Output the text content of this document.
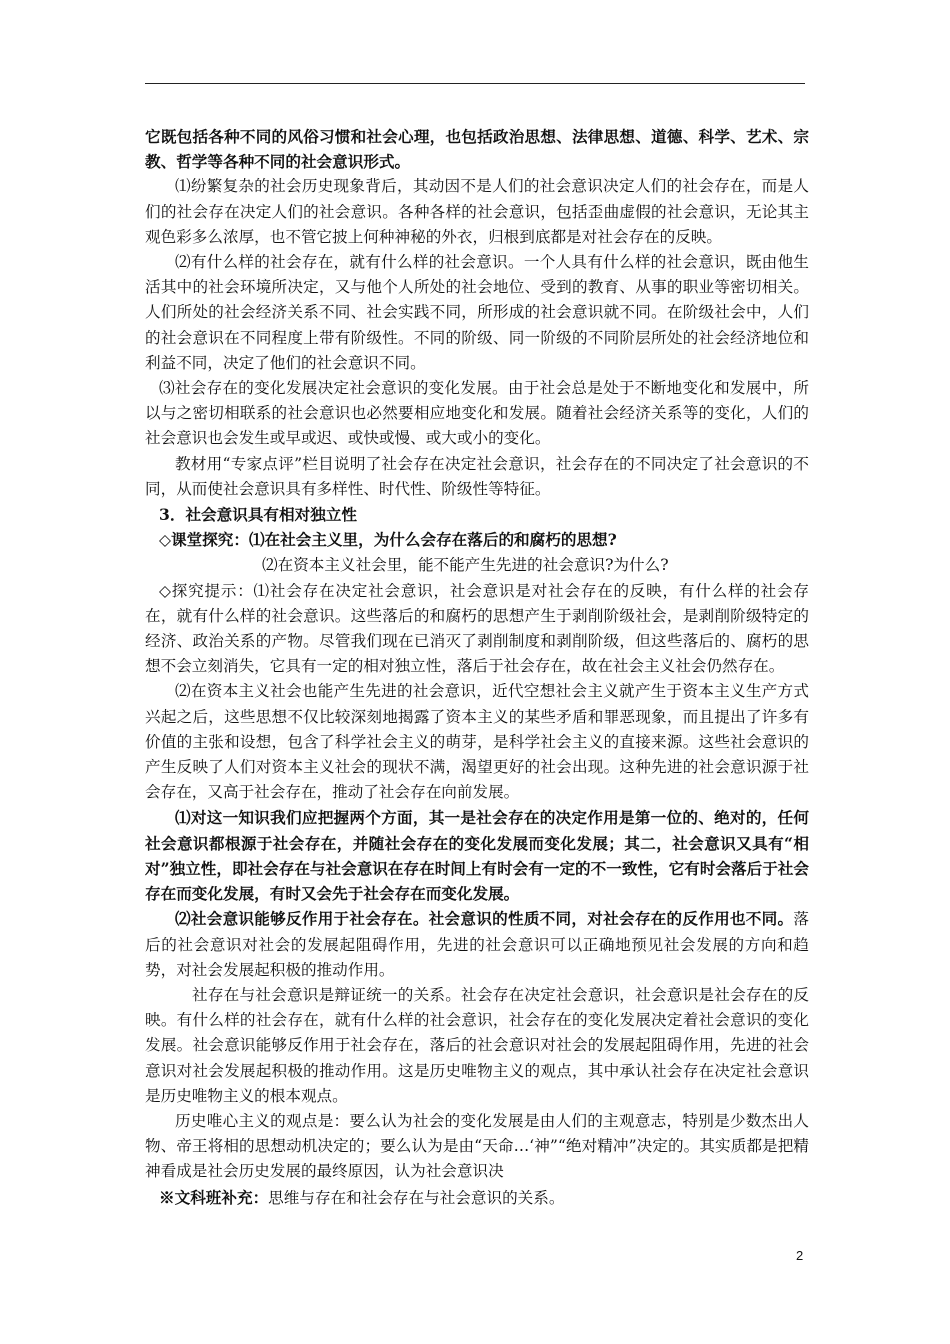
它既包括各种不同的风俗习惯和社会心理，也包括政治思想、法律思想、道德、科学、艺术、宗教、哲学等各种不同的社会意识形式。

⑴纷繁复杂的社会历史现象背后，其动因不是人们的社会意识决定人们的社会存在，而是人们的社会存在决定人们的社会意识。各种各样的社会意识，包括歪曲虚假的社会意识，无论其主观色彩多么浓厚，也不管它披上何种神秘的外衣，归根到底都是对社会存在的反映。

⑵有什么样的社会存在，就有什么样的社会意识。一个人具有什么样的社会意识，既由他生活其中的社会环境所决定，又与他个人所处的社会地位、受到的教育、从事的职业等密切相关。人们所处的社会经济关系不同、社会实践不同，所形成的社会意识就不同。在阶级社会中，人们的社会意识在不同程度上带有阶级性。不同的阶级、同一阶级的不同阶层所处的社会经济地位和利益不同，决定了他们的社会意识不同。

⑶社会存在的变化发展决定社会意识的变化发展。由于社会总是处于不断地变化和发展中，所以与之密切相联系的社会意识也必然要相应地变化和发展。随着社会经济关系等的变化，人们的社会意识也会发生或早或迟、或快或慢、或大或小的变化。

教材用“专家点评”栏目说明了社会存在决定社会意识，社会存在的不同决定了社会意识的不同，从而使社会意识具有多样性、时代性、阶级性等特征。

3．社会意识具有相对独立性

◇课堂探究：⑴在社会主义里，为什么会存在落后的和腐朽的思想?

⑵在资本主义社会里，能不能产生先进的社会意识?为什么?

◇探究提示：⑴社会存在决定社会意识，社会意识是对社会存在的反映，有什么样的社会存在，就有什么样的社会意识。这些落后的和腐朽的思想产生于剥削阶级社会，是剥削阶级特定的经济、政治关系的产物。尽管我们现在已消灭了剥削制度和剥削阶级，但这些落后的、腐朽的思想不会立刻消失，它具有一定的相对独立性，落后于社会存在，故在社会主义社会仍然存在。

⑵在资本主义社会也能产生先进的社会意识，近代空想社会主义就产生于资本主义生产方式兴起之后，这些思想不仅比较深刻地揭露了资本主义的某些矛盾和罪恶现象，而且提出了许多有价值的主张和设想，包含了科学社会主义的萌芽，是科学社会主义的直接来源。这些社会意识的产生反映了人们对资本主义社会的现状不满，渴望更好的社会出现。这种先进的社会意识源于社会存在，又高于社会存在，推动了社会存在向前发展。

⑴对这一知识我们应把握两个方面，其一是社会存在的决定作用是第一位的、绝对的，任何社会意识都根源于社会存在，并随社会存在的变化发展而变化发展；其二，社会意识又具有“相对”独立性，即社会存在与社会意识在存在时间上有时会有一定的不一致性，它有时会落后于社会存在而变化发展，有时又会先于社会存在而变化发展。

⑵社会意识能够反作用于社会存在。社会意识的性质不同，对社会存在的反作用也不同。落后的社会意识对社会的发展起阻碍作用，先进的社会意识可以正确地预见社会发展的方向和趋势，对社会发展起积极的推动作用。

社存在与社会意识是辩证统一的关系。社会存在决定社会意识，社会意识是社会存在的反映。有什么样的社会存在，就有什么样的社会意识，社会存在的变化发展决定着社会意识的变化发展。社会意识能够反作用于社会存在，落后的社会意识对社会的发展起阻碍作用，先进的社会意识对社会发展起积极的推动作用。这是历史唯物主义的观点，其中承认社会存在决定社会意识是历史唯物主义的根本观点。

历史唯心主义的观点是：要么认为社会的变化发展是由人们的主观意志，特别是少数杰出人物、帝王将相的思想动机决定的；要么认为是由“天命…‘神”“绝对精冲”决定的。其实质都是把精神看成是社会历史发展的最终原因，认为社会意识决

※文科班补充：思维与存在和社会存在与社会意识的关系。

2
